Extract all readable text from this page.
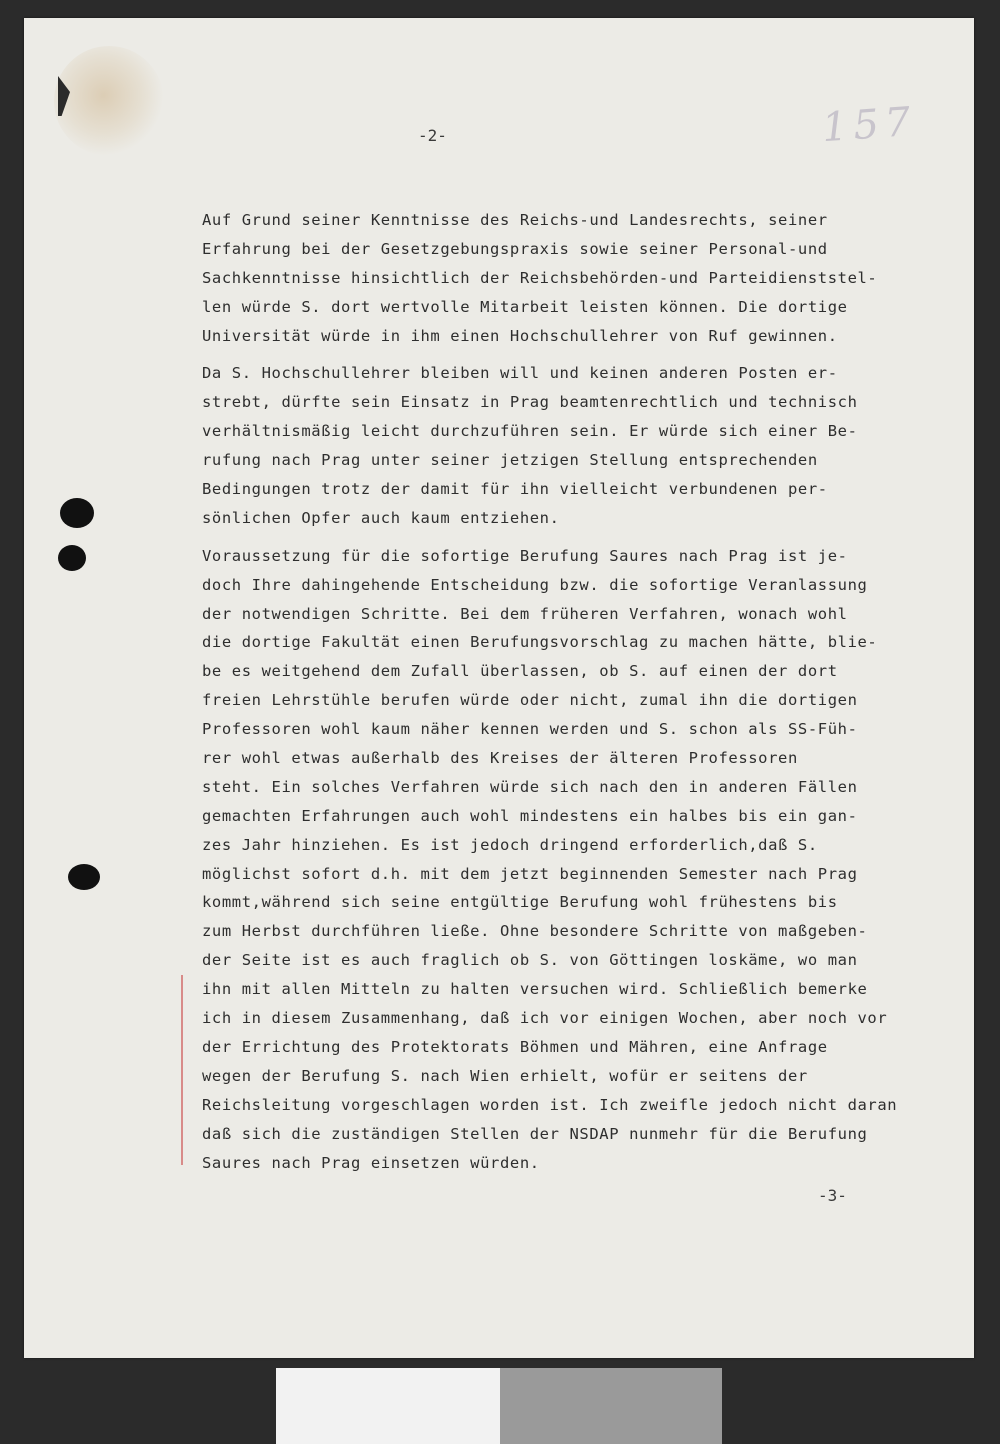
157
-2-
Auf Grund seiner Kenntnisse des Reichs-und Landesrechts, seiner
Erfahrung bei der Gesetzgebungspraxis sowie seiner Personal-und
Sachkenntnisse hinsichtlich der Reichsbehörden-und Parteidienststel-
len würde S. dort wertvolle Mitarbeit leisten können. Die dortige
Universität würde in ihm einen Hochschullehrer von Ruf gewinnen.
Da S. Hochschullehrer bleiben will und keinen anderen Posten er-
strebt, dürfte sein Einsatz in Prag beamtenrechtlich und technisch
verhältnismäßig leicht durchzuführen sein. Er würde sich einer Be-
rufung nach Prag unter seiner jetzigen Stellung entsprechenden
Bedingungen trotz der damit für ihn vielleicht verbundenen per-
sönlichen Opfer auch kaum entziehen.
Voraussetzung für die sofortige Berufung Saures nach Prag ist je-
doch Ihre dahingehende Entscheidung bzw. die sofortige Veranlassung
der notwendigen Schritte. Bei dem früheren Verfahren, wonach wohl
die dortige Fakultät einen Berufungsvorschlag zu machen hätte, blie-
be es weitgehend dem Zufall überlassen, ob S. auf einen der dort
freien Lehrstühle berufen würde oder nicht, zumal ihn die dortigen
Professoren wohl kaum näher kennen werden und S. schon als SS-Füh-
rer wohl etwas außerhalb des Kreises der älteren Professoren
steht. Ein solches Verfahren würde sich nach den in anderen Fällen
gemachten Erfahrungen auch wohl mindestens ein halbes bis ein gan-
zes Jahr hinziehen. Es ist jedoch dringend erforderlich,daß S.
möglichst sofort d.h. mit dem jetzt beginnenden Semester nach Prag
kommt,während sich seine entgültige Berufung wohl frühestens bis
zum Herbst durchführen ließe. Ohne besondere Schritte von maßgeben-
der Seite ist es auch fraglich ob S. von Göttingen loskäme, wo man
ihn mit allen Mitteln zu halten versuchen wird. Schließlich bemerke
ich in diesem Zusammenhang, daß ich vor einigen Wochen, aber noch vor
der Errichtung des Protektorats Böhmen und Mähren, eine Anfrage
wegen der Berufung S. nach Wien erhielt, wofür er seitens der
Reichsleitung vorgeschlagen worden ist. Ich zweifle jedoch nicht daran
daß sich die zuständigen Stellen der NSDAP nunmehr für die Berufung
Saures nach Prag einsetzen würden.
-3-
